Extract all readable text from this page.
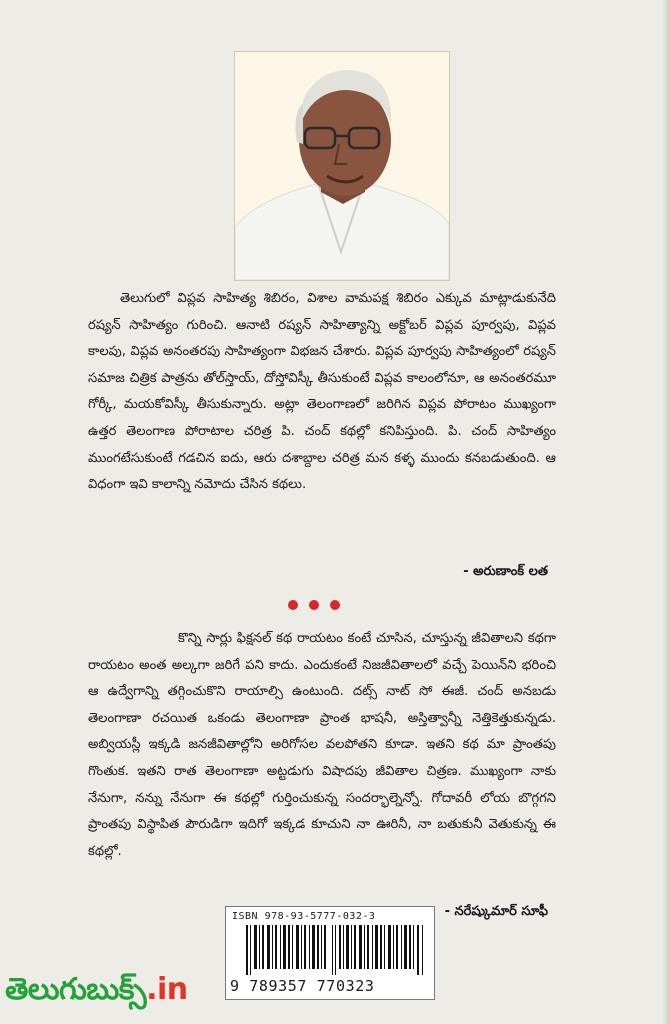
తెలుగులో విప్లవ సాహిత్య శిబిరం, విశాల వామపక్ష శిబిరం ఎక్కువ మాట్లాడుకునేది రష్యన్ సాహిత్యం గురించి. ఆనాటి రష్యన్ సాహిత్యాన్ని అక్టోబర్ విప్లవ పూర్వపు, విప్లవ కాలపు, విప్లవ అనంతరపు సాహిత్యంగా విభజన చేశారు. విప్లవ పూర్వపు సాహిత్యంలో రష్యన్ సమాజ చిత్రిక పాత్రను తోల్‌స్తాయ్, దోస్తోవిస్కీ తీసుకుంటే విప్లవ కాలంలోనూ, ఆ అనంతరమూ గోర్కీ, మయకోవిస్కీ తీసుకున్నారు. అట్లా తెలంగాణలో జరిగిన విప్లవ పోరాటం ముఖ్యంగా ఉత్తర తెలంగాణ పోరాటాల చరిత్ర పి. చంద్ కథల్లో కనిపిస్తుంది. పి. చంద్ సాహిత్యం ముంగటేసుకుంటే గడచిన ఐదు, ఆరు దశాబ్దాల చరిత్ర మన కళ్ళ ముందు కనబడుతుంది. ఆ విధంగా ఇవి కాలాన్ని నమోదు చేసిన కథలు.

- అరుణాంక్ లత

కొన్ని సార్లు ఫిక్షనల్ కథ రాయటం కంటే చూసిన, చూస్తున్న జీవితాలని కథగా రాయటం అంత అల్కగా జరిగే పని కాదు. ఎందుకంటే నిజజీవితాలలో వచ్చే పెయిన్‌ని భరించి ఆ ఉద్వేగాన్ని తగ్గించుకొని రాయాల్సి ఉంటుంది. దట్స్ నాట్ సో ఈజీ. చంద్ అనబడు తెలంగాణా రచయిత ఒకండు తెలంగాణా ప్రాంత భాషనీ, అస్తిత్వాన్నీ నెత్తికెత్తుకున్నడు. అబ్వియస్లీ ఇక్కడి జనజీవితాల్లోని అరిగోసల వలపోతని కూడా. ఇతని కథ మా ప్రాంతపు గొంతుక. ఇతని రాత తెలంగాణా అట్టడుగు విషాదపు జీవితాల చిత్రణ. ముఖ్యంగా నాకు నేనుగా, నన్ను నేనుగా ఈ కథల్లో గుర్తించుకున్న సందర్భాల్నెన్నో. గోదావరీ లోయ బొగ్గగని ప్రాంతపు విస్థాపిత పౌరుడిగా ఇదిగో ఇక్కడ కూచుని నా ఊరినీ, నా బతుకునీ వెతుకున్న ఈ కథల్లో.

- నరేష్కుమార్ సూఫీ
ISBN 978-93-5777-032-3
9 789357 770323
తెలుగుబుక్స్.in
